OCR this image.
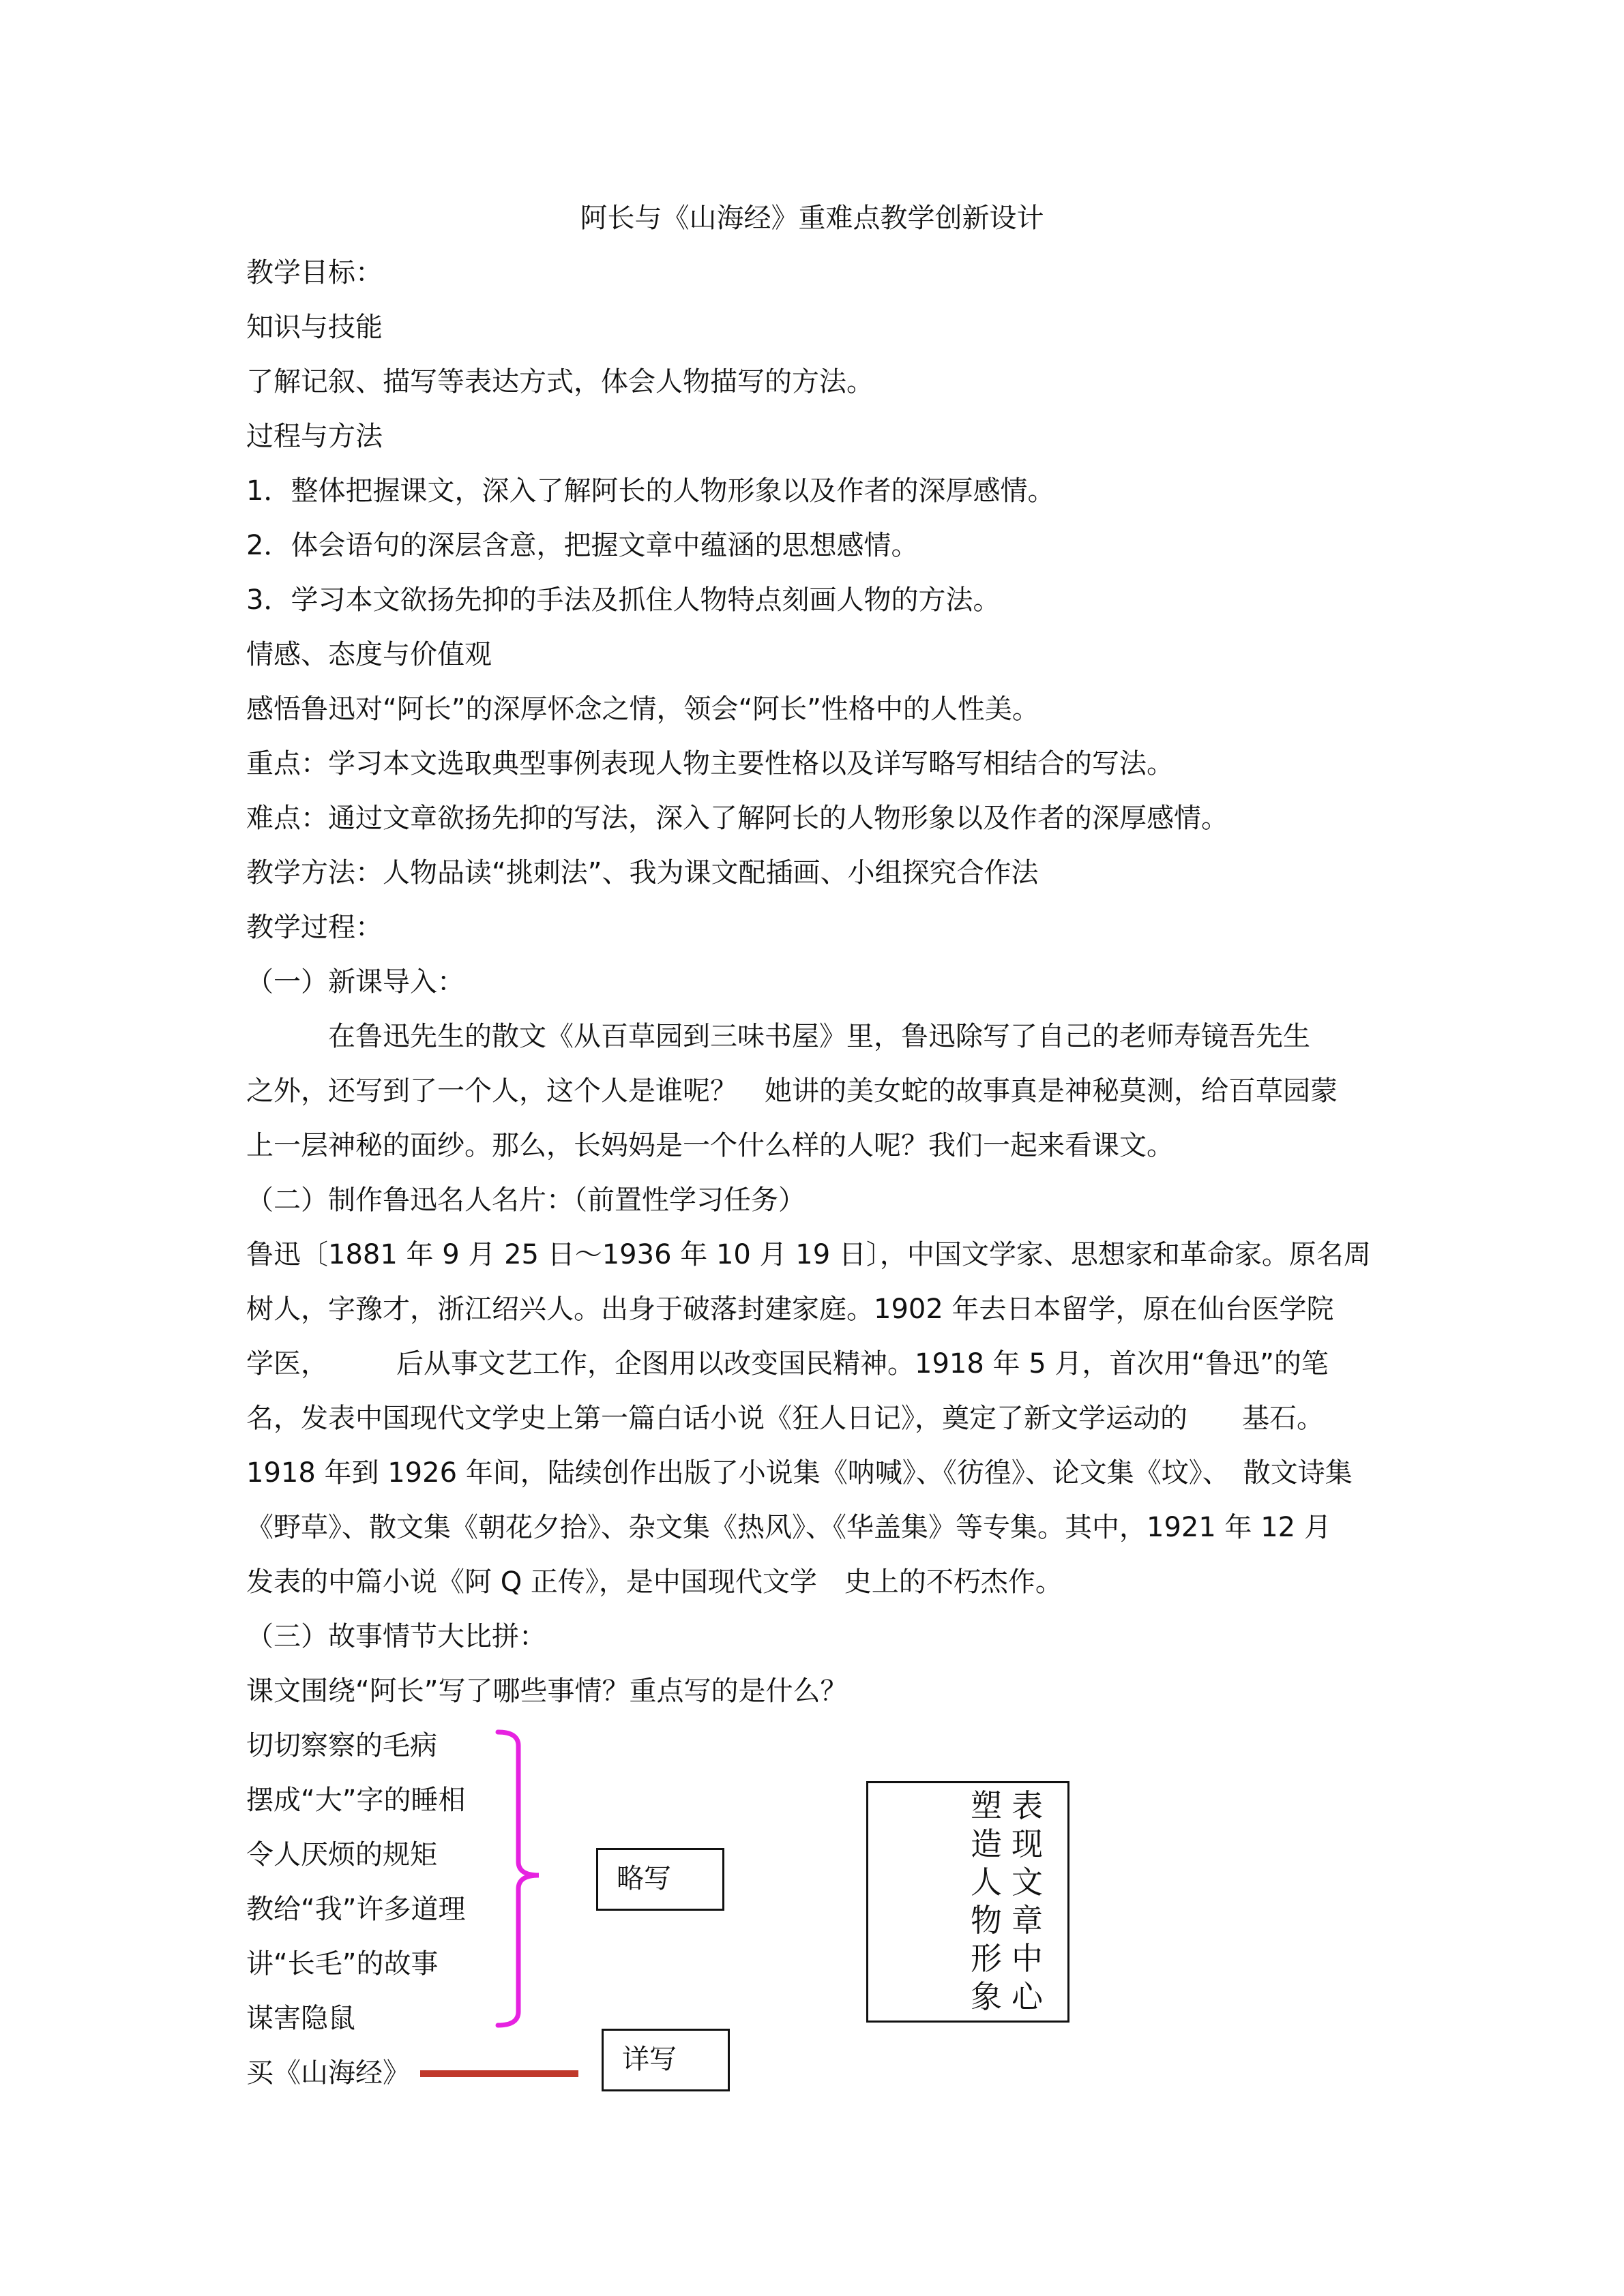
阿长与《山海经》重难点教学创新设计
教学目标：
知识与技能
了解记叙、描写等表达方式，体会人物描写的方法。
过程与方法
1．整体把握课文，深入了解阿长的人物形象以及作者的深厚感情。
2．体会语句的深层含意，把握文章中蕴涵的思想感情。
3．学习本文欲扬先抑的手法及抓住人物特点刻画人物的方法。
情感、态度与价值观
感悟鲁迅对“阿长”的深厚怀念之情，领会“阿长”性格中的人性美。
重点：学习本文选取典型事例表现人物主要性格以及详写略写相结合的写法。
难点：通过文章欲扬先抑的写法，深入了解阿长的人物形象以及作者的深厚感情。
教学方法：人物品读“挑刺法”、我为课文配插画、小组探究合作法
教学过程：
（一）新课导入：
　　　在鲁迅先生的散文《从百草园到三味书屋》里，鲁迅除写了自己的老师寿镜吾先生
之外，还写到了一个人，这个人是谁呢？　她讲的美女蛇的故事真是神秘莫测，给百草园蒙
上一层神秘的面纱。那么，长妈妈是一个什么样的人呢？我们一起来看课文。
（二）制作鲁迅名人名片：（前置性学习任务）
鲁迅〔1881 年 9 月 25 日～1936 年 10 月 19 日〕，中国文学家、思想家和革命家。原名周
树人，字豫才，浙江绍兴人。出身于破落封建家庭。1902 年去日本留学，原在仙台医学院
学医，　　　后从事文艺工作，企图用以改变国民精神。1918 年 5 月，首次用“鲁迅”的笔
名，发表中国现代文学史上第一篇白话小说《狂人日记》，奠定了新文学运动的　　基石。
1918 年到 1926 年间，陆续创作出版了小说集《呐喊》、《彷徨》、论文集《坟》、　散文诗集
《野草》、散文集《朝花夕拾》、杂文集《热风》、《华盖集》等专集。其中，1921 年 12 月
发表的中篇小说《阿 Q 正传》，是中国现代文学　史上的不朽杰作。
（三）故事情节大比拼：
课文围绕“阿长”写了哪些事情？重点写的是什么？
切切察察的毛病
摆成“大”字的睡相
令人厌烦的规矩
教给“我”许多道理
讲“长毛”的故事
谋害隐鼠
买《山海经》
略写
详写
表
现
文
章
中
心
塑
造
人
物
形
象
